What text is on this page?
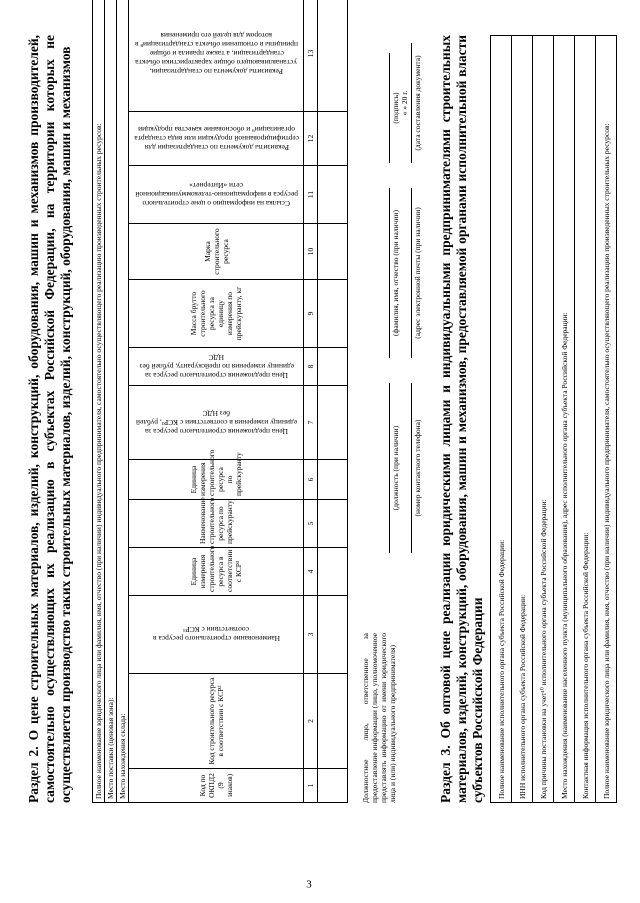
3
Раздел 2. О цене строительных материалов, изделий, конструкций, оборудования, машин и механизмов производителей, самостоятельно осуществляющих их реализацию в субъектах Российской Федерации, на территории которых не осуществляется производство таких строительных материалов, изделий, конструкций, оборудования, машин и механизмов	Полное наименование юридического лица или фамилия, имя, отчество (при наличии) индивидуального предпринимателя, самостоятельно осуществляющего реализацию произведенных строительных ресурсов:													
Место поставки (ценовая зона):													
Место нахождения склада:													
Код по ОКПД2 (9 знаков)	Код строительного ресурса в соответствии с КСР³	Наименование строительного ресурса в соответствии с КСР³	Единица измерения строительного ресурса в соответствии с КСР³	Наименование строительного ресурса по прейскуранту	Единица измерения строительного ресурса по прейскуранту	Цена предложения строительного ресурса за единицу измерения в соответствии с КСР³, рублей без НДС	Цена предложения строительного ресурса за единицу измерения по прейскуранту, рублей без НДС	Масса брутто строительного ресурса за единицу измерения по прейскуранту, кг	Марка строительного ресурса	Ссылка на информацию о цене строительного ресурса в информационно-телекоммуникационной сети «Интернет»	Реквизиты документа по стандартизации для сертифицированной продукции или вида стандарта организации⁹ и обоснование качества продукции	Реквизиты документа по стандартизации, устанавливающего общие характеристики объекта стандартизации, а также правила и общие принципы в отношении объекта стандартизации⁸ в котором для целей его применения

1	2	3	4	5	6	7	8	9	10	11	12	13	

Должностное лицо, ответственное за предоставление информации (лицо, уполномоченное представлять информацию от имени юридического лица и (или) индивидуального предпринимателя)
(должность (при наличии)
(фамилия, имя, отчество (при наличии)
(подпись)
(номер контактного телефона)
(адрес электронной почты (при наличии)
« » 20 г. (дата составления документа) Раздел 3. Об оптовой цене реализации юридическими лицами и индивидуальными предпринимателями строительных материалов, изделий, конструкций, оборудования, машин и механизмов, предоставляемой органами исполнительной власти субъектов Российской Федерации Полное наименование исполнительного органа субъекта Российской Федерации:
ИНН исполнительного органа субъекта Российской Федерации:
Код причины постановки на учет¹⁰ исполнительного органа субъекта Российской Федерации:
Место нахождения (наименование населенного пункта (муниципального образования), адрес исполнительного органа субъекта Российской Федерации:
Контактная информация исполнительного органа субъекта Российской Федерации:
Полное наименование юридического лица или фамилия, имя, отчество (при наличии) индивидуального предпринимателя, самостоятельно осуществляющего реализацию произведенных строительных ресурсов:
